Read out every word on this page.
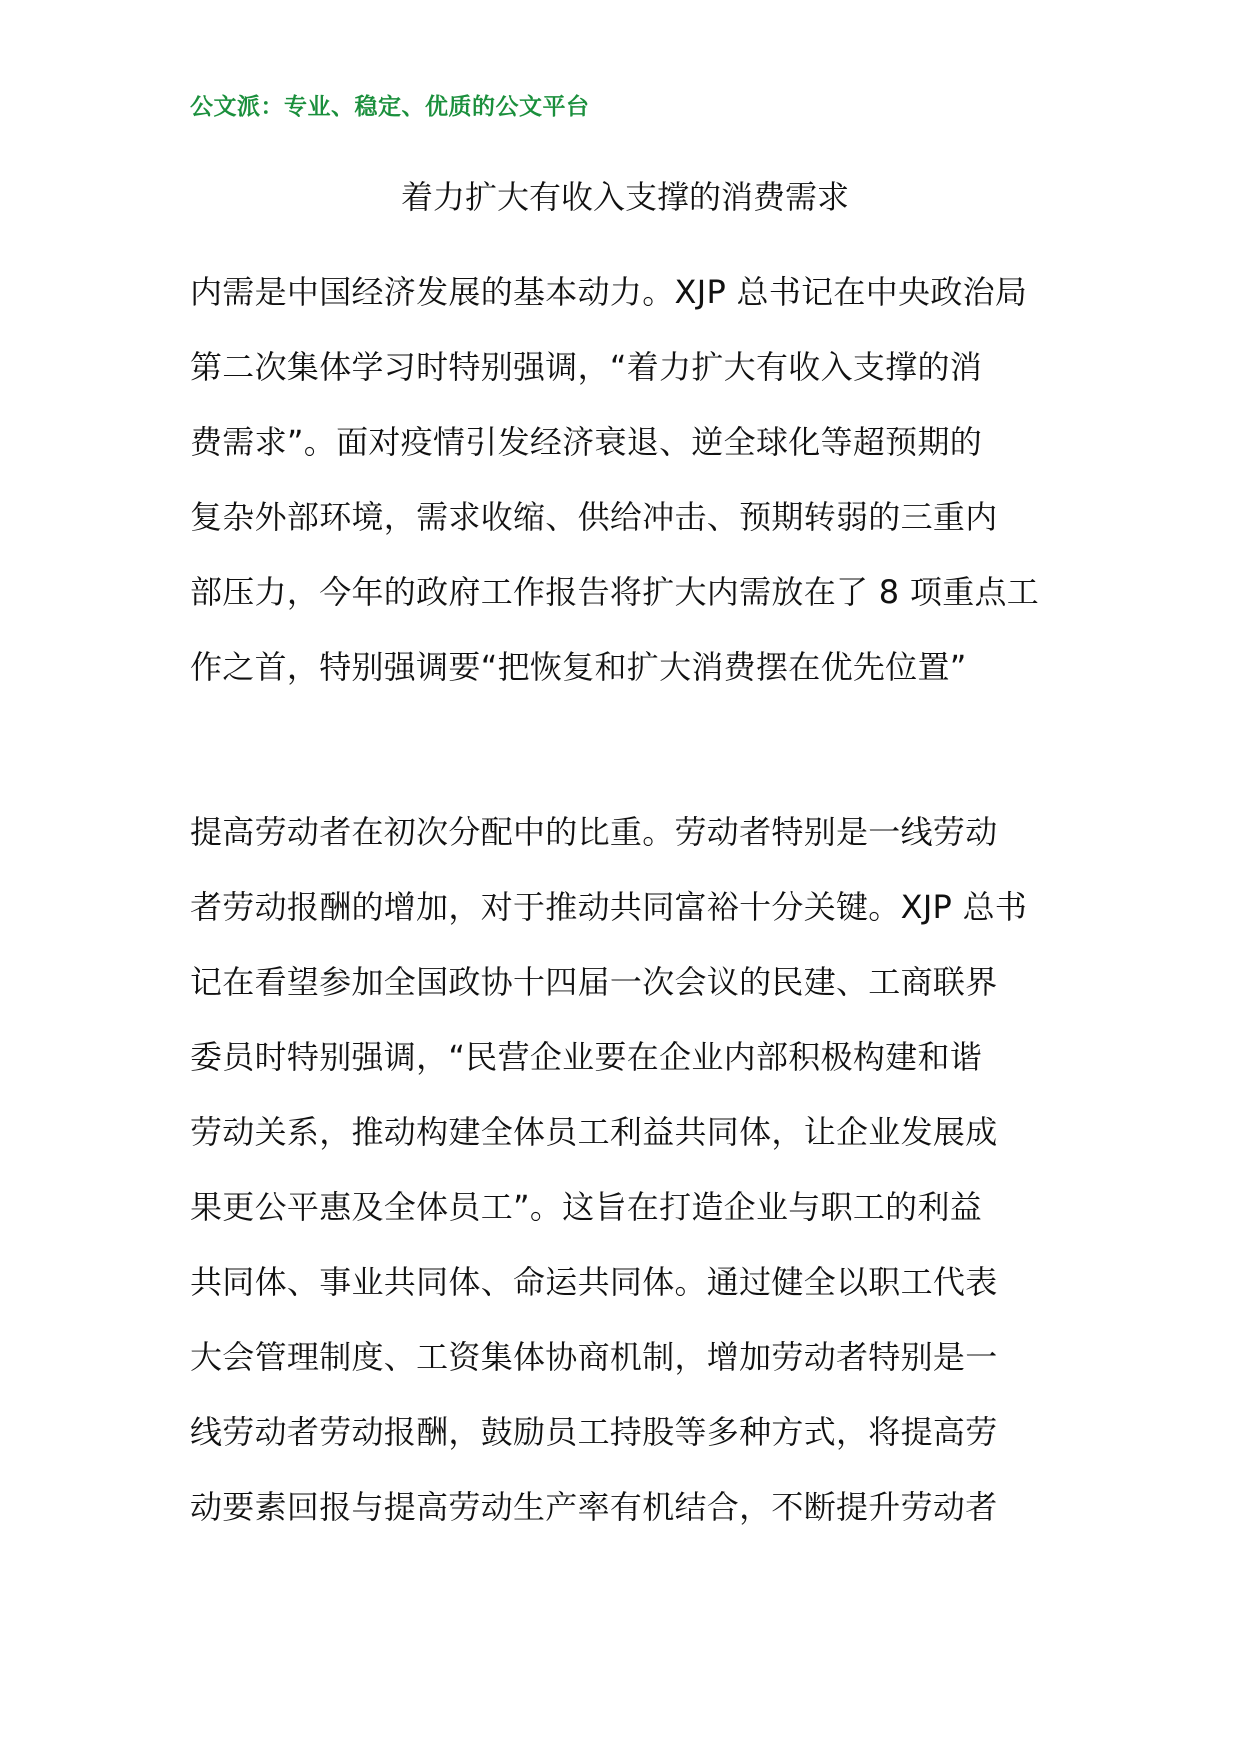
公文派：专业、稳定、优质的公文平台
着力扩大有收入支撑的消费需求
内需是中国经济发展的基本动力。XJP 总书记在中央政治局
第二次集体学习时特别强调，“着力扩大有收入支撑的消
费需求”。面对疫情引发经济衰退、逆全球化等超预期的
复杂外部环境，需求收缩、供给冲击、预期转弱的三重内
部压力，今年的政府工作报告将扩大内需放在了 8 项重点工
作之首，特别强调要“把恢复和扩大消费摆在优先位置”
提高劳动者在初次分配中的比重。劳动者特别是一线劳动
者劳动报酬的增加，对于推动共同富裕十分关键。XJP 总书
记在看望参加全国政协十四届一次会议的民建、工商联界
委员时特别强调，“民营企业要在企业内部积极构建和谐
劳动关系，推动构建全体员工利益共同体，让企业发展成
果更公平惠及全体员工”。这旨在打造企业与职工的利益
共同体、事业共同体、命运共同体。通过健全以职工代表
大会管理制度、工资集体协商机制，增加劳动者特别是一
线劳动者劳动报酬，鼓励员工持股等多种方式，将提高劳
动要素回报与提高劳动生产率有机结合，不断提升劳动者
